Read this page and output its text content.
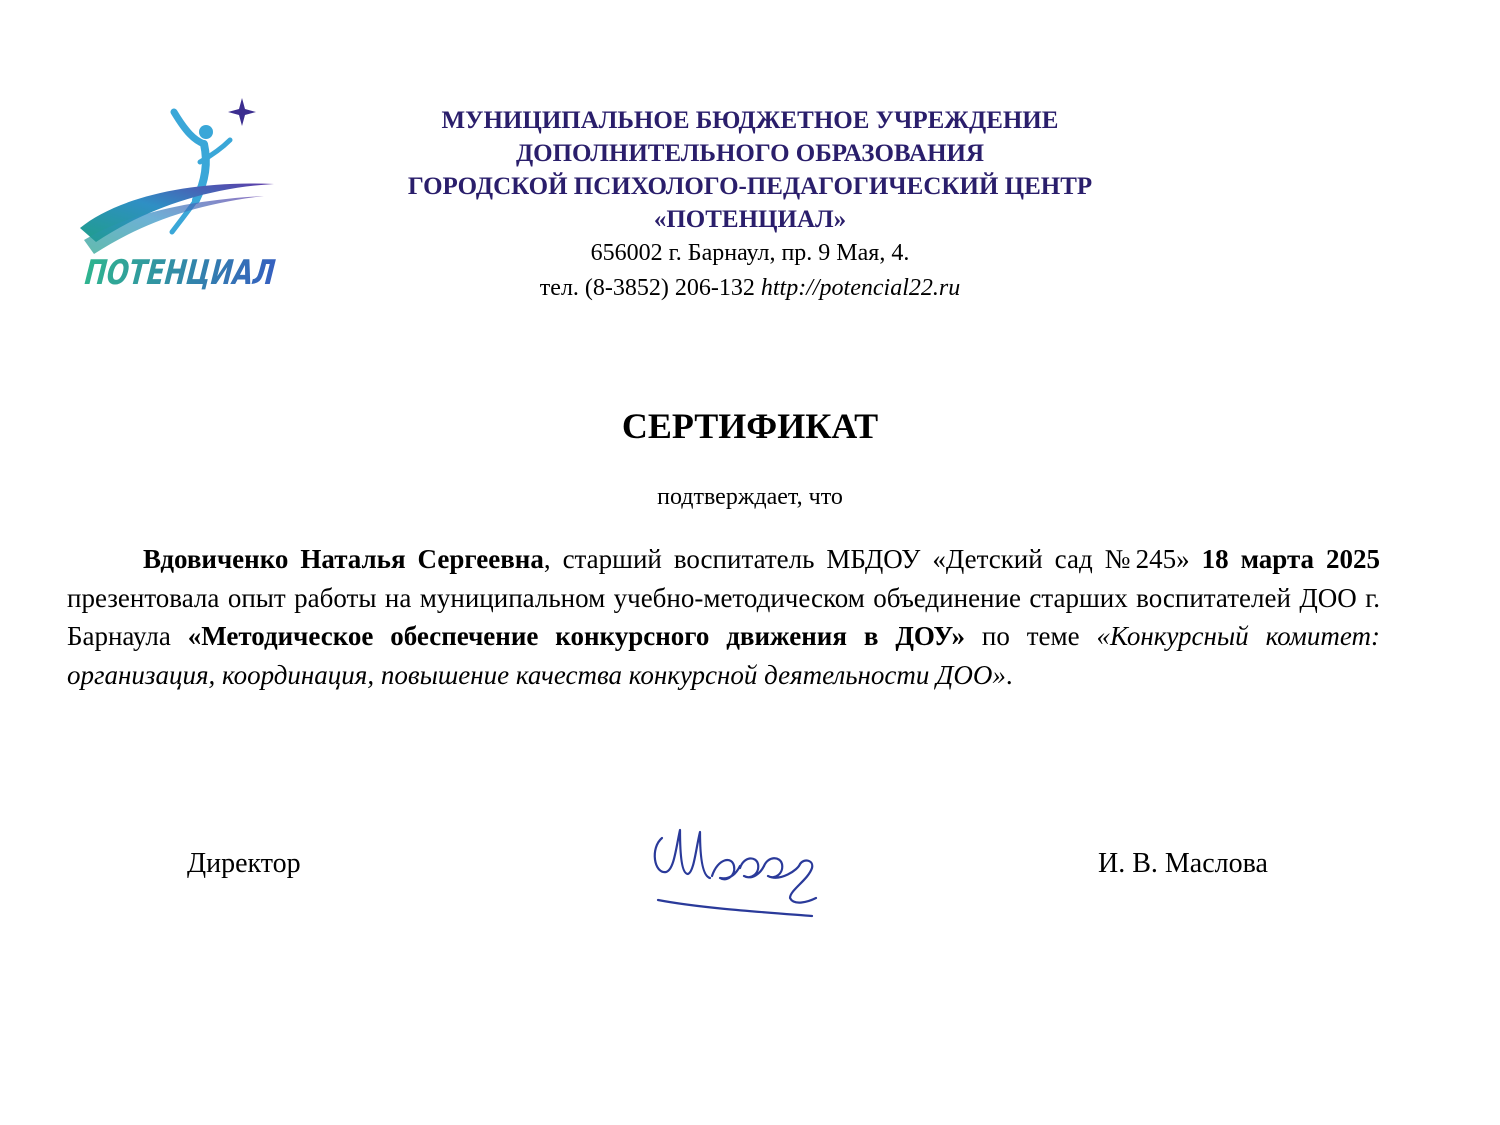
ПОТЕНЦИАЛ
МУНИЦИПАЛЬНОЕ БЮДЖЕТНОЕ УЧРЕЖДЕНИЕ
ДОПОЛНИТЕЛЬНОГО ОБРАЗОВАНИЯ
ГОРОДСКОЙ ПСИХОЛОГО-ПЕДАГОГИЧЕСКИЙ ЦЕНТР
«ПОТЕНЦИАЛ»
656002 г. Барнаул, пр. 9 Мая, 4.
тел. (8-3852) 206-132 http://potencial22.ru
СЕРТИФИКАТ
подтверждает, что
Вдовиченко Наталья Сергеевна, старший воспитатель МБДОУ «Детский сад №245» 18 марта 2025 презентовала опыт работы на муниципальном учебно-методическом объединение старших воспитателей ДОО г. Барнаула «Методическое обеспечение конкурсного движения в ДОУ» по теме «Конкурсный комитет: организация, координация, повышение качества конкурсной деятельности ДОО».
Директор	И. В. Маслова
